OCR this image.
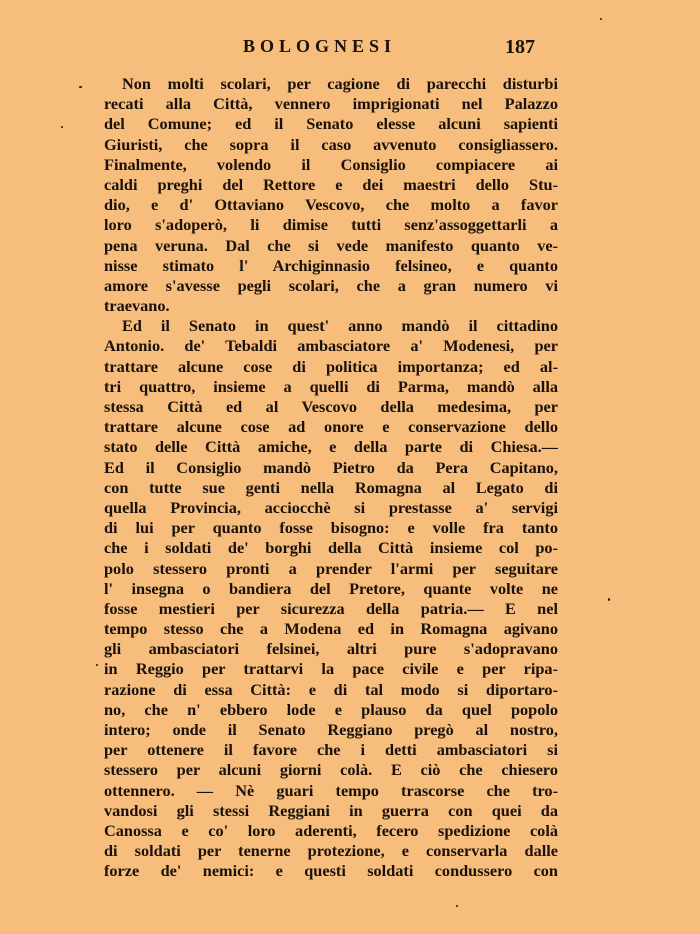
BOLOGNESI	187
Non molti scolari, per cagione di parecchi disturbi
recati alla Città, vennero imprigionati nel Palazzo
del Comune; ed il Senato elesse alcuni sapienti
Giuristi, che sopra il caso avvenuto consigliassero.
Finalmente, volendo il Consiglio compiacere ai
caldi preghi del Rettore e dei maestri dello Stu-
dio, e d' Ottaviano Vescovo, che molto a favor
loro s'adoperò, li dimise tutti senz'assoggettarli a
pena veruna. Dal che si vede manifesto quanto ve-
nisse stimato l' Archiginnasio felsineo, e quanto
amore s'avesse pegli scolari, che a gran numero vi
traevano.
Ed il Senato in quest' anno mandò il cittadino
Antonio. de' Tebaldi ambasciatore a' Modenesi, per
trattare alcune cose di politica importanza; ed al-
tri quattro, insieme a quelli di Parma, mandò alla
stessa Città ed al Vescovo della medesima, per
trattare alcune cose ad onore e conservazione dello
stato delle Città amiche, e della parte di Chiesa.—
Ed il Consiglio mandò Pietro da Pera Capitano,
con tutte sue genti nella Romagna al Legato di
quella Provincia, acciocchè si prestasse a' servigi
di lui per quanto fosse bisogno: e volle fra tanto
che i soldati de' borghi della Città insieme col po-
polo stessero pronti a prender l'armi per seguitare
l' insegna o bandiera del Pretore, quante volte ne
fosse mestieri per sicurezza della patria.— E nel
tempo stesso che a Modena ed in Romagna agivano
gli ambasciatori felsinei, altri pure s'adopravano
in Reggio per trattarvi la pace civile e per ripa-
razione di essa Città: e di tal modo si diportaro-
no, che n' ebbero lode e plauso da quel popolo
intero; onde il Senato Reggiano pregò al nostro,
per ottenere il favore che i detti ambasciatori si
stessero per alcuni giorni colà. E ciò che chiesero
ottennero. — Nè guari tempo trascorse che tro-
vandosi gli stessi Reggiani in guerra con quei da
Canossa e co' loro aderenti, fecero spedizione colà
di soldati per tenerne protezione, e conservarla dalle
forze de' nemici: e questi soldati condussero con
